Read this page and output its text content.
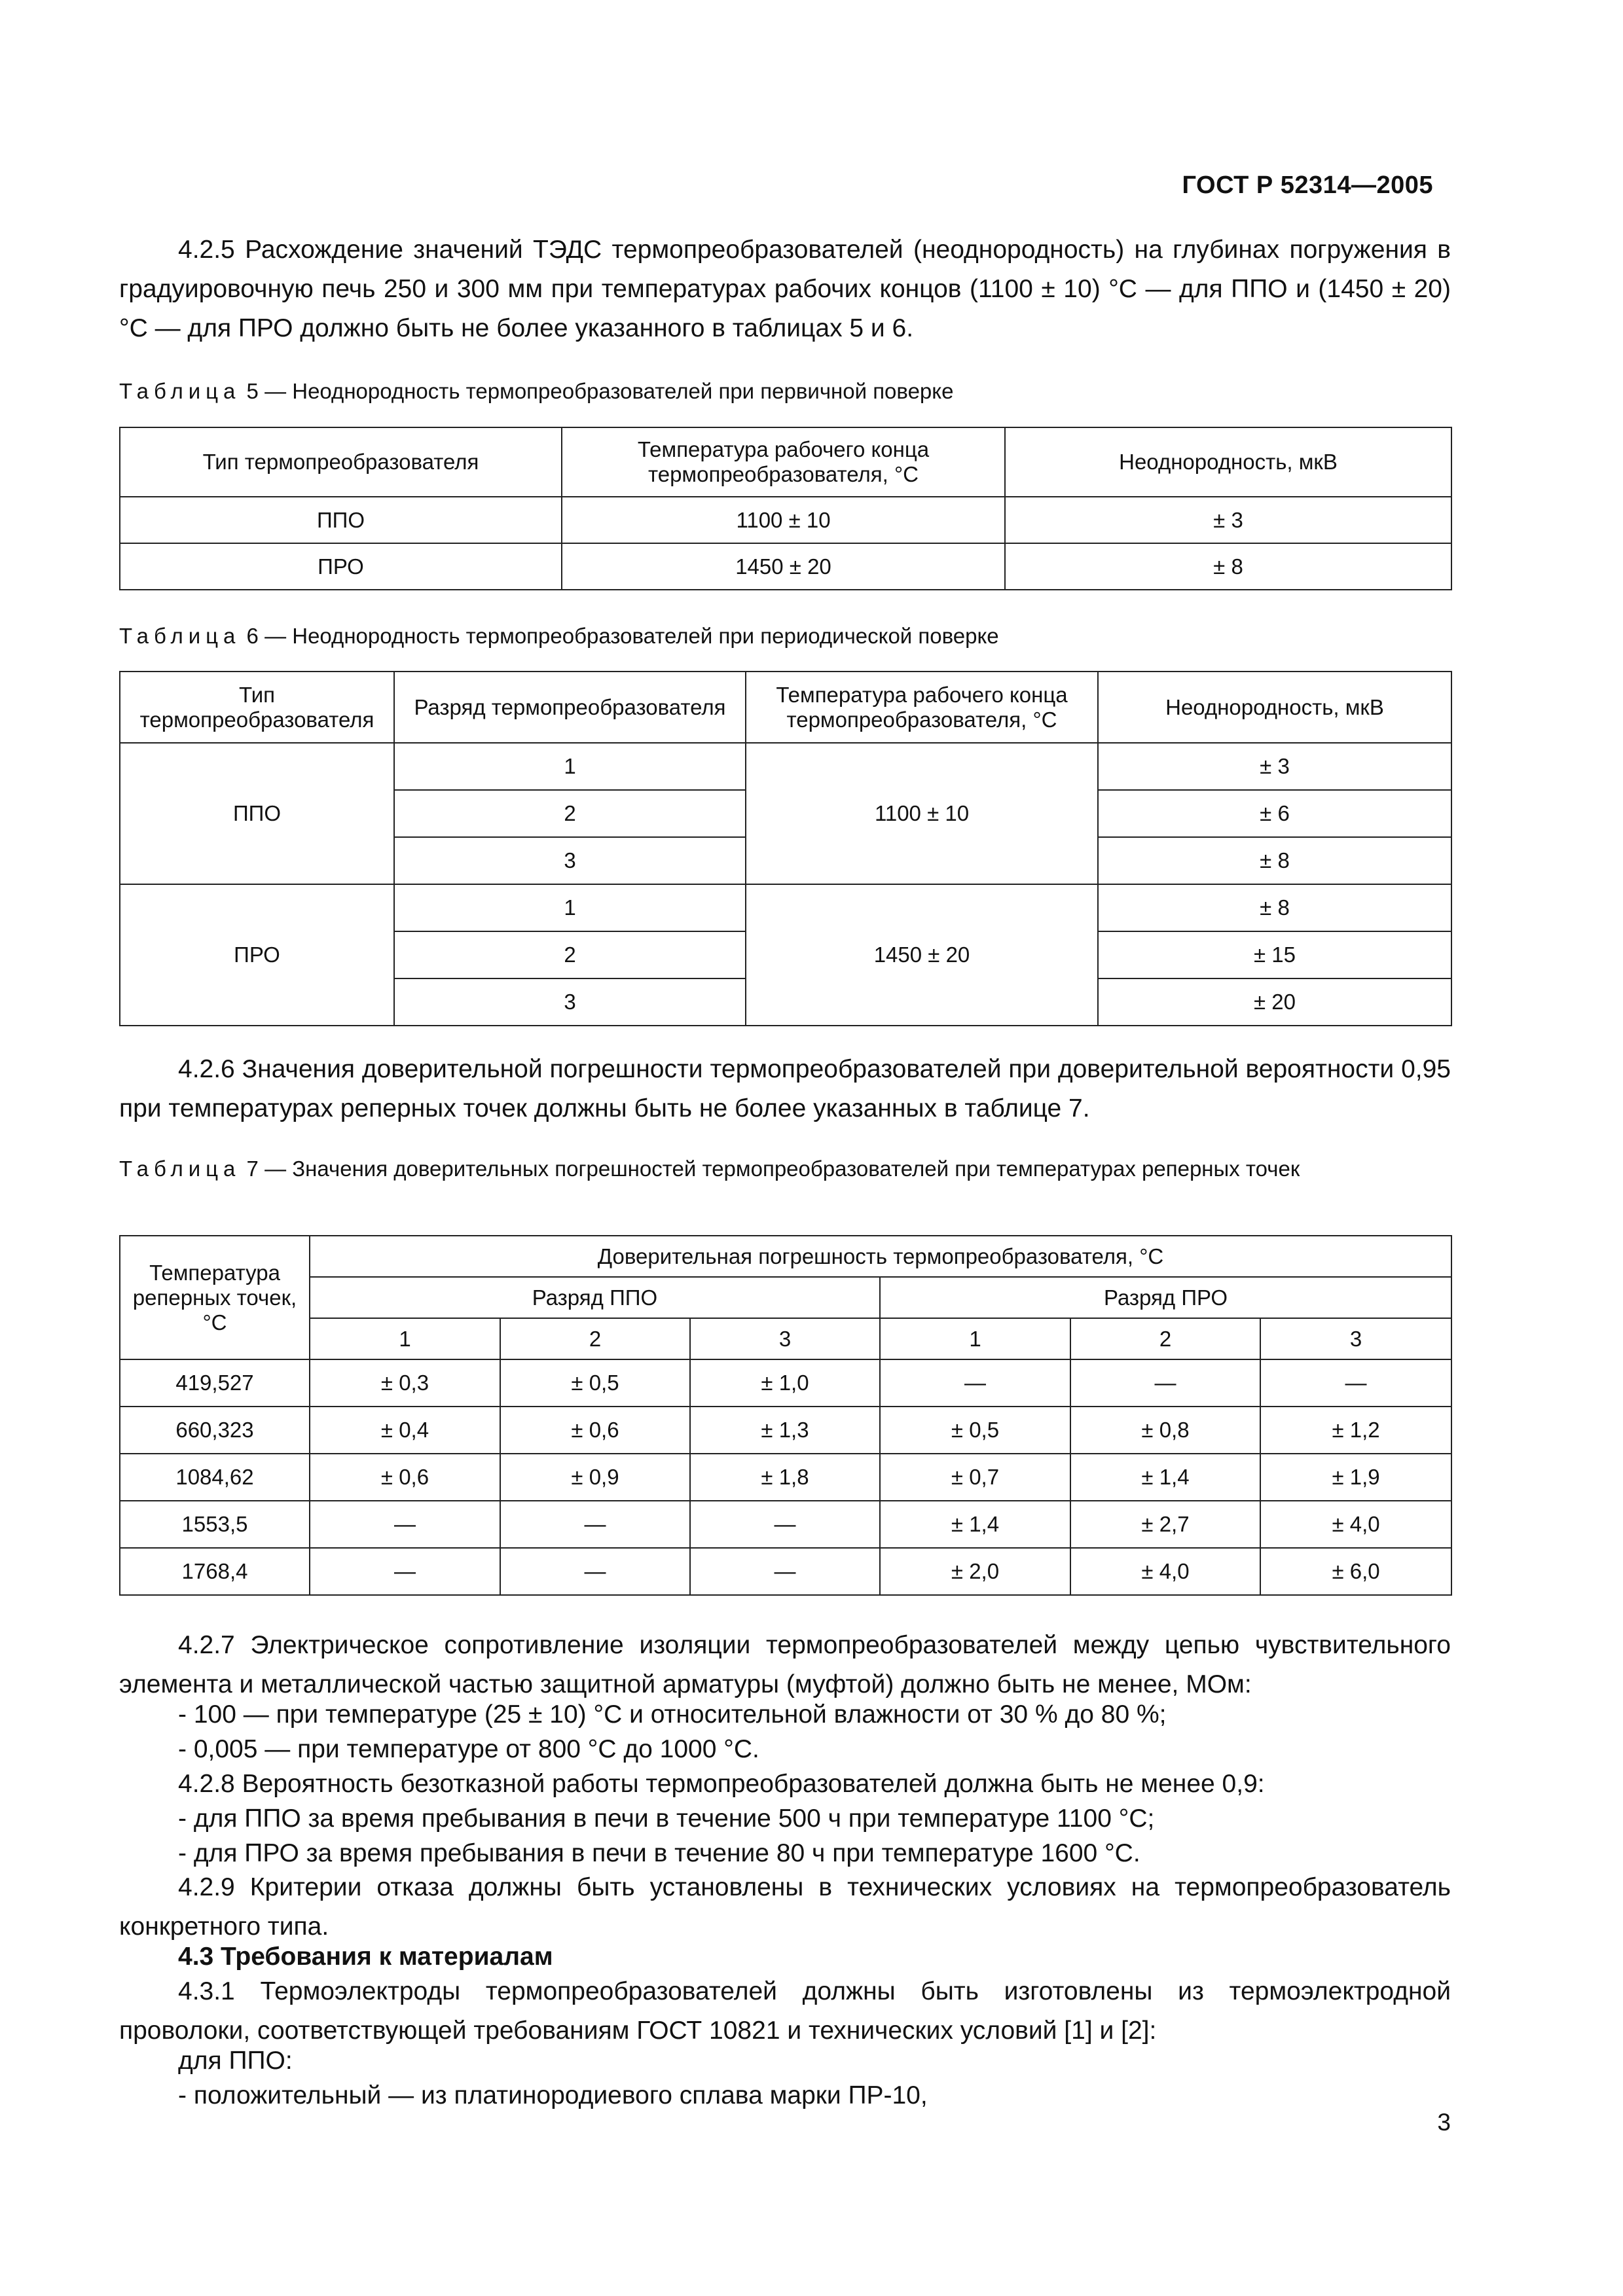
ГОСТ Р 52314—2005
4.2.5 Расхождение значений ТЭДС термопреобразователей (неоднородность) на глубинах погружения в градуировочную печь 250 и 300 мм при температурах рабочих концов (1100 ± 10) °С — для ППО и (1450 ± 20) °С — для ПРО должно быть не более указанного в таблицах 5 и 6.
Таблица 5 — Неоднородность термопреобразователей при первичной поверке
Тип термопреобразователя	Температура рабочего конца термопреобразователя, °С	Неоднородность, мкВ
ППО	1100 ± 10	± 3
ПРО	1450 ± 20	± 8
Таблица 6 — Неоднородность термопреобразователей при периодической поверке
Тип термопреобразователя	Разряд термопреобразователя	Температура рабочего конца термопреобразователя, °С	Неоднородность, мкВ
ППО	1	1100 ± 10	± 3
	2		± 6
	3		± 8
ПРО	1	1450 ± 20	± 8
	2		± 15
	3		± 20
4.2.6 Значения доверительной погрешности термопреобразователей при доверительной вероятности 0,95 при температурах реперных точек должны быть не более указанных в таблице 7.
Таблица 7 — Значения доверительных погрешностей термопреобразователей при температурах реперных точек
Температура реперных точек, °С	Доверительная погрешность термопреобразователя, °С					
	Разряд ППО			Разряд ПРО		
	1	2	3	1	2	3
419,527	± 0,3	± 0,5	± 1,0	—	—	—
660,323	± 0,4	± 0,6	± 1,3	± 0,5	± 0,8	± 1,2
1084,62	± 0,6	± 0,9	± 1,8	± 0,7	± 1,4	± 1,9
1553,5	—	—	—	± 1,4	± 2,7	± 4,0
1768,4	—	—	—	± 2,0	± 4,0	± 6,0
4.2.7 Электрическое сопротивление изоляции термопреобразователей между цепью чувствительного элемента и металлической частью защитной арматуры (муфтой) должно быть не менее, МОм:
- 100 — при температуре (25 ± 10) °С и относительной влажности от 30 % до 80 %;
- 0,005 — при температуре от 800 °С до 1000 °С.
4.2.8 Вероятность безотказной работы термопреобразователей должна быть не менее 0,9:
- для ППО за время пребывания в печи в течение 500 ч при температуре 1100 °С;
- для ПРО за время пребывания в печи в течение 80 ч при температуре 1600 °С.
4.2.9 Критерии отказа должны быть установлены в технических условиях на термопреобразователь конкретного типа.
4.3 Требования к материалам
4.3.1 Термоэлектроды термопреобразователей должны быть изготовлены из термоэлектродной проволоки, соответствующей требованиям ГОСТ 10821 и технических условий [1] и [2]:
для ППО:
- положительный — из платинородиевого сплава марки ПР-10,
3
